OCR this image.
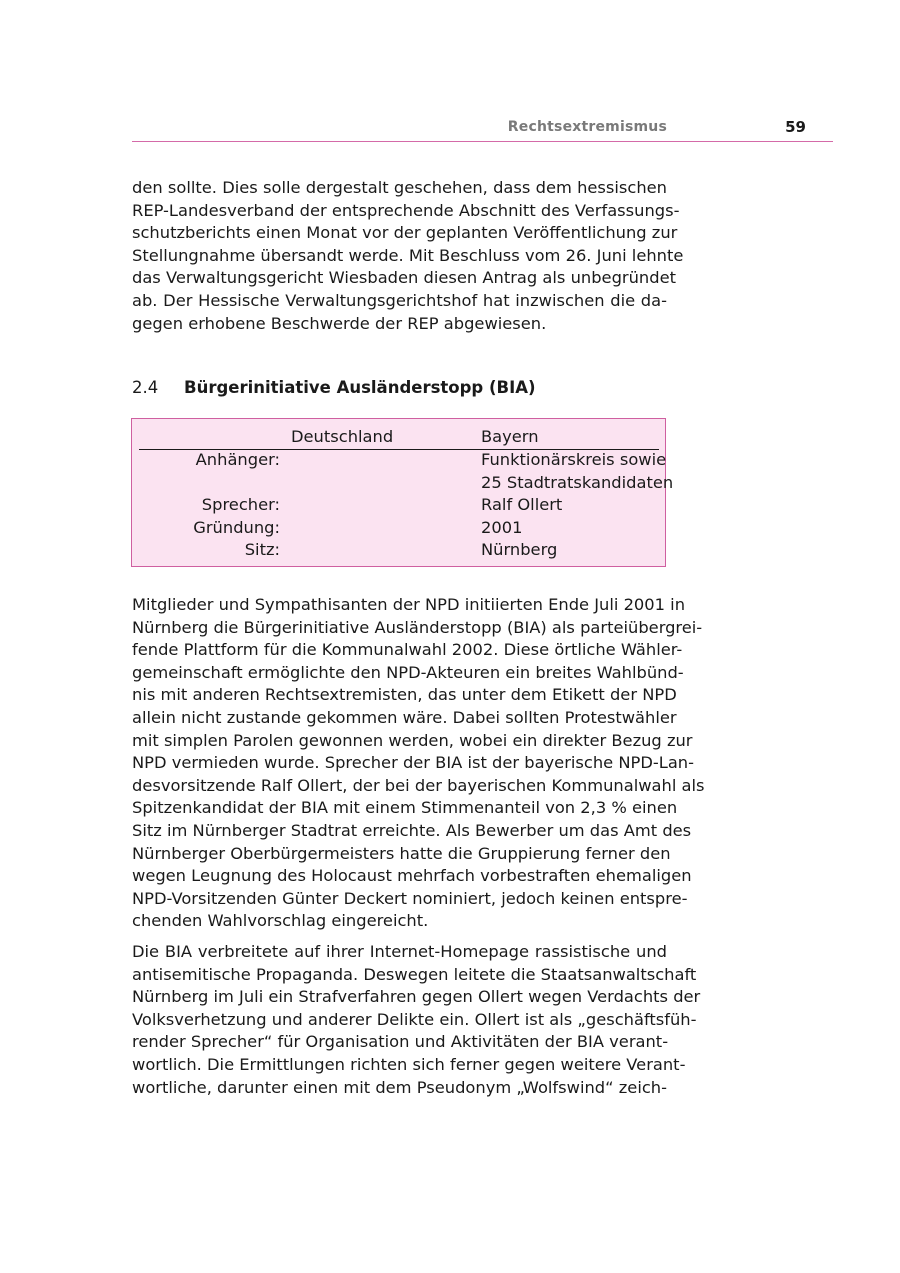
Rechtsextremismus	59
den sollte. Dies solle dergestalt geschehen, dass dem hessischen
REP-Landesverband der entsprechende Abschnitt des Verfassungs-
schutzberichts einen Monat vor der geplanten Veröffentlichung zur
Stellungnahme übersandt werde. Mit Beschluss vom 26. Juni lehnte
das Verwaltungsgericht Wiesbaden diesen Antrag als unbegründet
ab. Der Hessische Verwaltungsgerichtshof hat inzwischen die da-
gegen erhobene Beschwerde der REP abgewiesen.
2.4 Bürgerinitiative Ausländerstopp (BIA)
Deutschland	Bayern
Anhänger:	Funktionärskreis sowie
25 Stadtratskandidaten
Sprecher:	Ralf Ollert
Gründung:	2001
Sitz:	Nürnberg
Mitglieder und Sympathisanten der NPD initiierten Ende Juli 2001 in
Nürnberg die Bürgerinitiative Ausländerstopp (BIA) als parteiübergrei-
fende Plattform für die Kommunalwahl 2002. Diese örtliche Wähler-
gemeinschaft ermöglichte den NPD-Akteuren ein breites Wahlbünd-
nis mit anderen Rechtsextremisten, das unter dem Etikett der NPD
allein nicht zustande gekommen wäre. Dabei sollten Protestwähler
mit simplen Parolen gewonnen werden, wobei ein direkter Bezug zur
NPD vermieden wurde. Sprecher der BIA ist der bayerische NPD-Lan-
desvorsitzende Ralf Ollert, der bei der bayerischen Kommunalwahl als
Spitzenkandidat der BIA mit einem Stimmenanteil von 2,3 % einen
Sitz im Nürnberger Stadtrat erreichte. Als Bewerber um das Amt des
Nürnberger Oberbürgermeisters hatte die Gruppierung ferner den
wegen Leugnung des Holocaust mehrfach vorbestraften ehemaligen
NPD-Vorsitzenden Günter Deckert nominiert, jedoch keinen entspre-
chenden Wahlvorschlag eingereicht.
Die BIA verbreitete auf ihrer Internet-Homepage rassistische und
antisemitische Propaganda. Deswegen leitete die Staatsanwaltschaft
Nürnberg im Juli ein Strafverfahren gegen Ollert wegen Verdachts der
Volksverhetzung und anderer Delikte ein. Ollert ist als „geschäftsfüh-
render Sprecher“ für Organisation und Aktivitäten der BIA verant-
wortlich. Die Ermittlungen richten sich ferner gegen weitere Verant-
wortliche, darunter einen mit dem Pseudonym „Wolfswind“ zeich-
